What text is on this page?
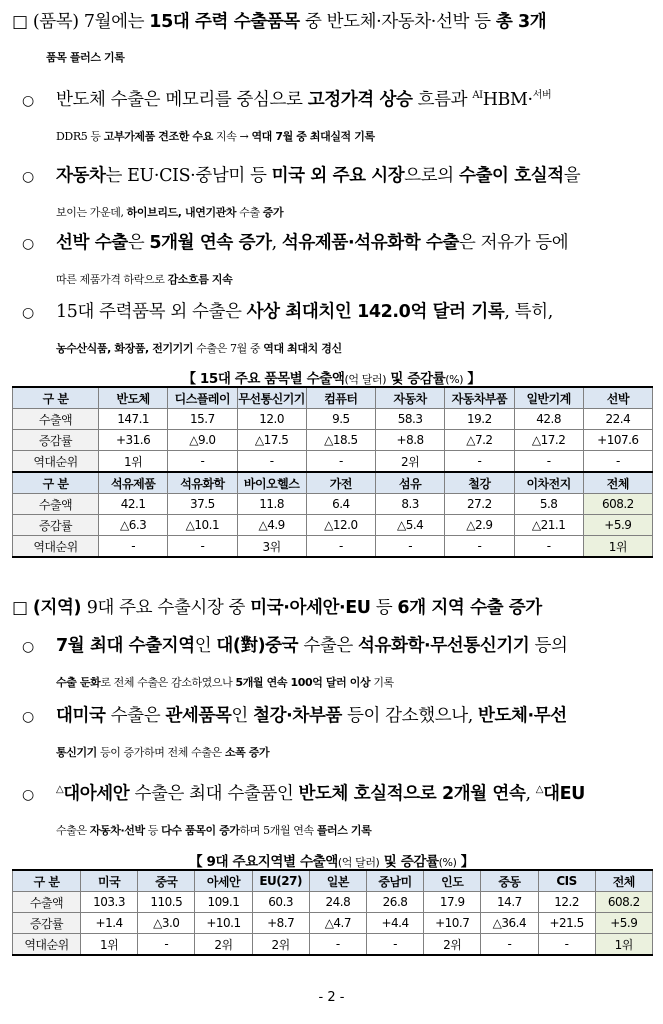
□ (품목) 7월에는 15대 주력 수출품목 중 반도체·자동차·선박 등 총 3개
품목 플러스 기록
○ 반도체 수출은 메모리를 중심으로 고정가격 상승 흐름과 $^{AI}$HBM·$^{서버}$
DDR5 등 고부가제품 견조한 수요 지속 → 역대 7월 중 최대실적 기록
○ 자동차는 EU·CIS·중남미 등 미국 외 주요 시장으로의 수출이 호실적을
보이는 가운데, 하이브리드, 내연기관차 수출 증가
○ 선박 수출은 5개월 연속 증가, 석유제품·석유화학 수출은 저유가 등에
따른 제품가격 하락으로 감소흐름 지속
○ 15대 주력품목 외 수출은 사상 최대치인 142.0억 달러 기록, 특히,
농수산식품, 화장품, 전기기기 수출은 7월 중 역대 최대치 경신
【 15대 주요 품목별 수출액(억 달러) 및 증감률(%) 】
구 분	반도체	디스플레이	무선통신기기	컴퓨터	자동차	자동차부품	일반기계	선박
수출액	147.1	15.7	12.0	9.5	58.3	19.2	42.8	22.4
증감률	+31.6	△9.0	△17.5	△18.5	+8.8	△7.2	△17.2	+107.6
역대순위	1위	-	-	-	2위	-	-	-
구 분	석유제품	석유화학	바이오헬스	가전	섬유	철강	이차전지	전체
수출액	42.1	37.5	11.8	6.4	8.3	27.2	5.8	608.2
증감률	△6.3	△10.1	△4.9	△12.0	△5.4	△2.9	△21.1	+5.9
역대순위	-	-	3위	-	-	-	-	1위
□ (지역) 9대 주요 수출시장 중 미국·아세안·EU 등 6개 지역 수출 증가
○ 7월 최대 수출지역인 대(對)중국 수출은 석유화학·무선통신기기 등의
수출 둔화로 전체 수출은 감소하였으나 5개월 연속 100억 달러 이상 기록
○ 대미국 수출은 관세품목인 철강·차부품 등이 감소했으나, 반도체·무선
통신기기 등이 증가하며 전체 수출은 소폭 증가
○ △대아세안 수출은 최대 수출품인 반도체 호실적으로 2개월 연속, △대EU
수출은 자동차·선박 등 다수 품목이 증가하며 5개월 연속 플러스 기록
【 9대 주요지역별 수출액(억 달러) 및 증감률(%) 】
구 분	미국	중국	아세안	EU(27)	일본	중남미	인도	중동	CIS	전체
수출액	103.3	110.5	109.1	60.3	24.8	26.8	17.9	14.7	12.2	608.2
증감률	+1.4	△3.0	+10.1	+8.7	△4.7	+4.4	+10.7	△36.4	+21.5	+5.9
역대순위	1위	-	2위	2위	-	-	2위	-	-	1위
- 2 -
